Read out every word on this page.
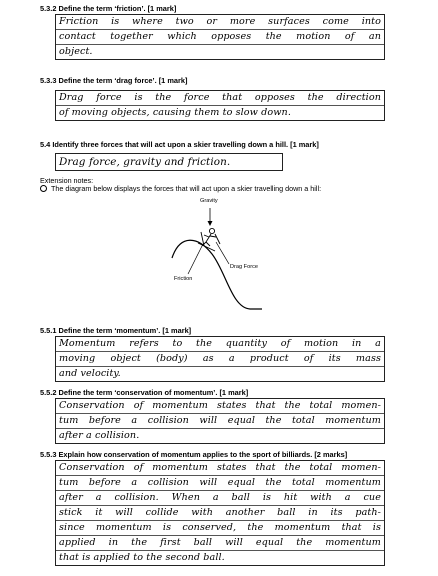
5.3.2 Define the term ‘friction’. [1 mark]
Friction is where two or more surfaces come into
contact together which opposes the motion of an
object.
5.3.3 Define the term ‘drag force’. [1 mark]
Drag force is the force that opposes the direction
of moving objects, causing them to slow down.
5.4 Identify three forces that will act upon a skier travelling down a hill. [1 mark]
Drag force, gravity and friction.
Extension notes:
The diagram below displays the forces that will act upon a skier travelling down a hill:
Gravity
Drag Force
Friction
5.5.1 Define the term ‘momentum’. [1 mark]
Momentum refers to the quantity of motion in a
moving object (body) as a product of its mass
and velocity.
5.5.2 Define the term ‘conservation of momentum’. [1 mark]
Conservation of momentum states that the total momen-
tum before a collision will equal the total momentum
after a collision.
5.5.3 Explain how conservation of momentum applies to the sport of billiards. [2 marks]
Conservation of momentum states that the total momen-
tum before a collision will equal the total momentum
after a collision. When a ball is hit with a cue
stick it will collide with another ball in its path-
since momentum is conserved, the momentum that is
applied in the first ball will equal the momentum
that is applied to the second ball.
